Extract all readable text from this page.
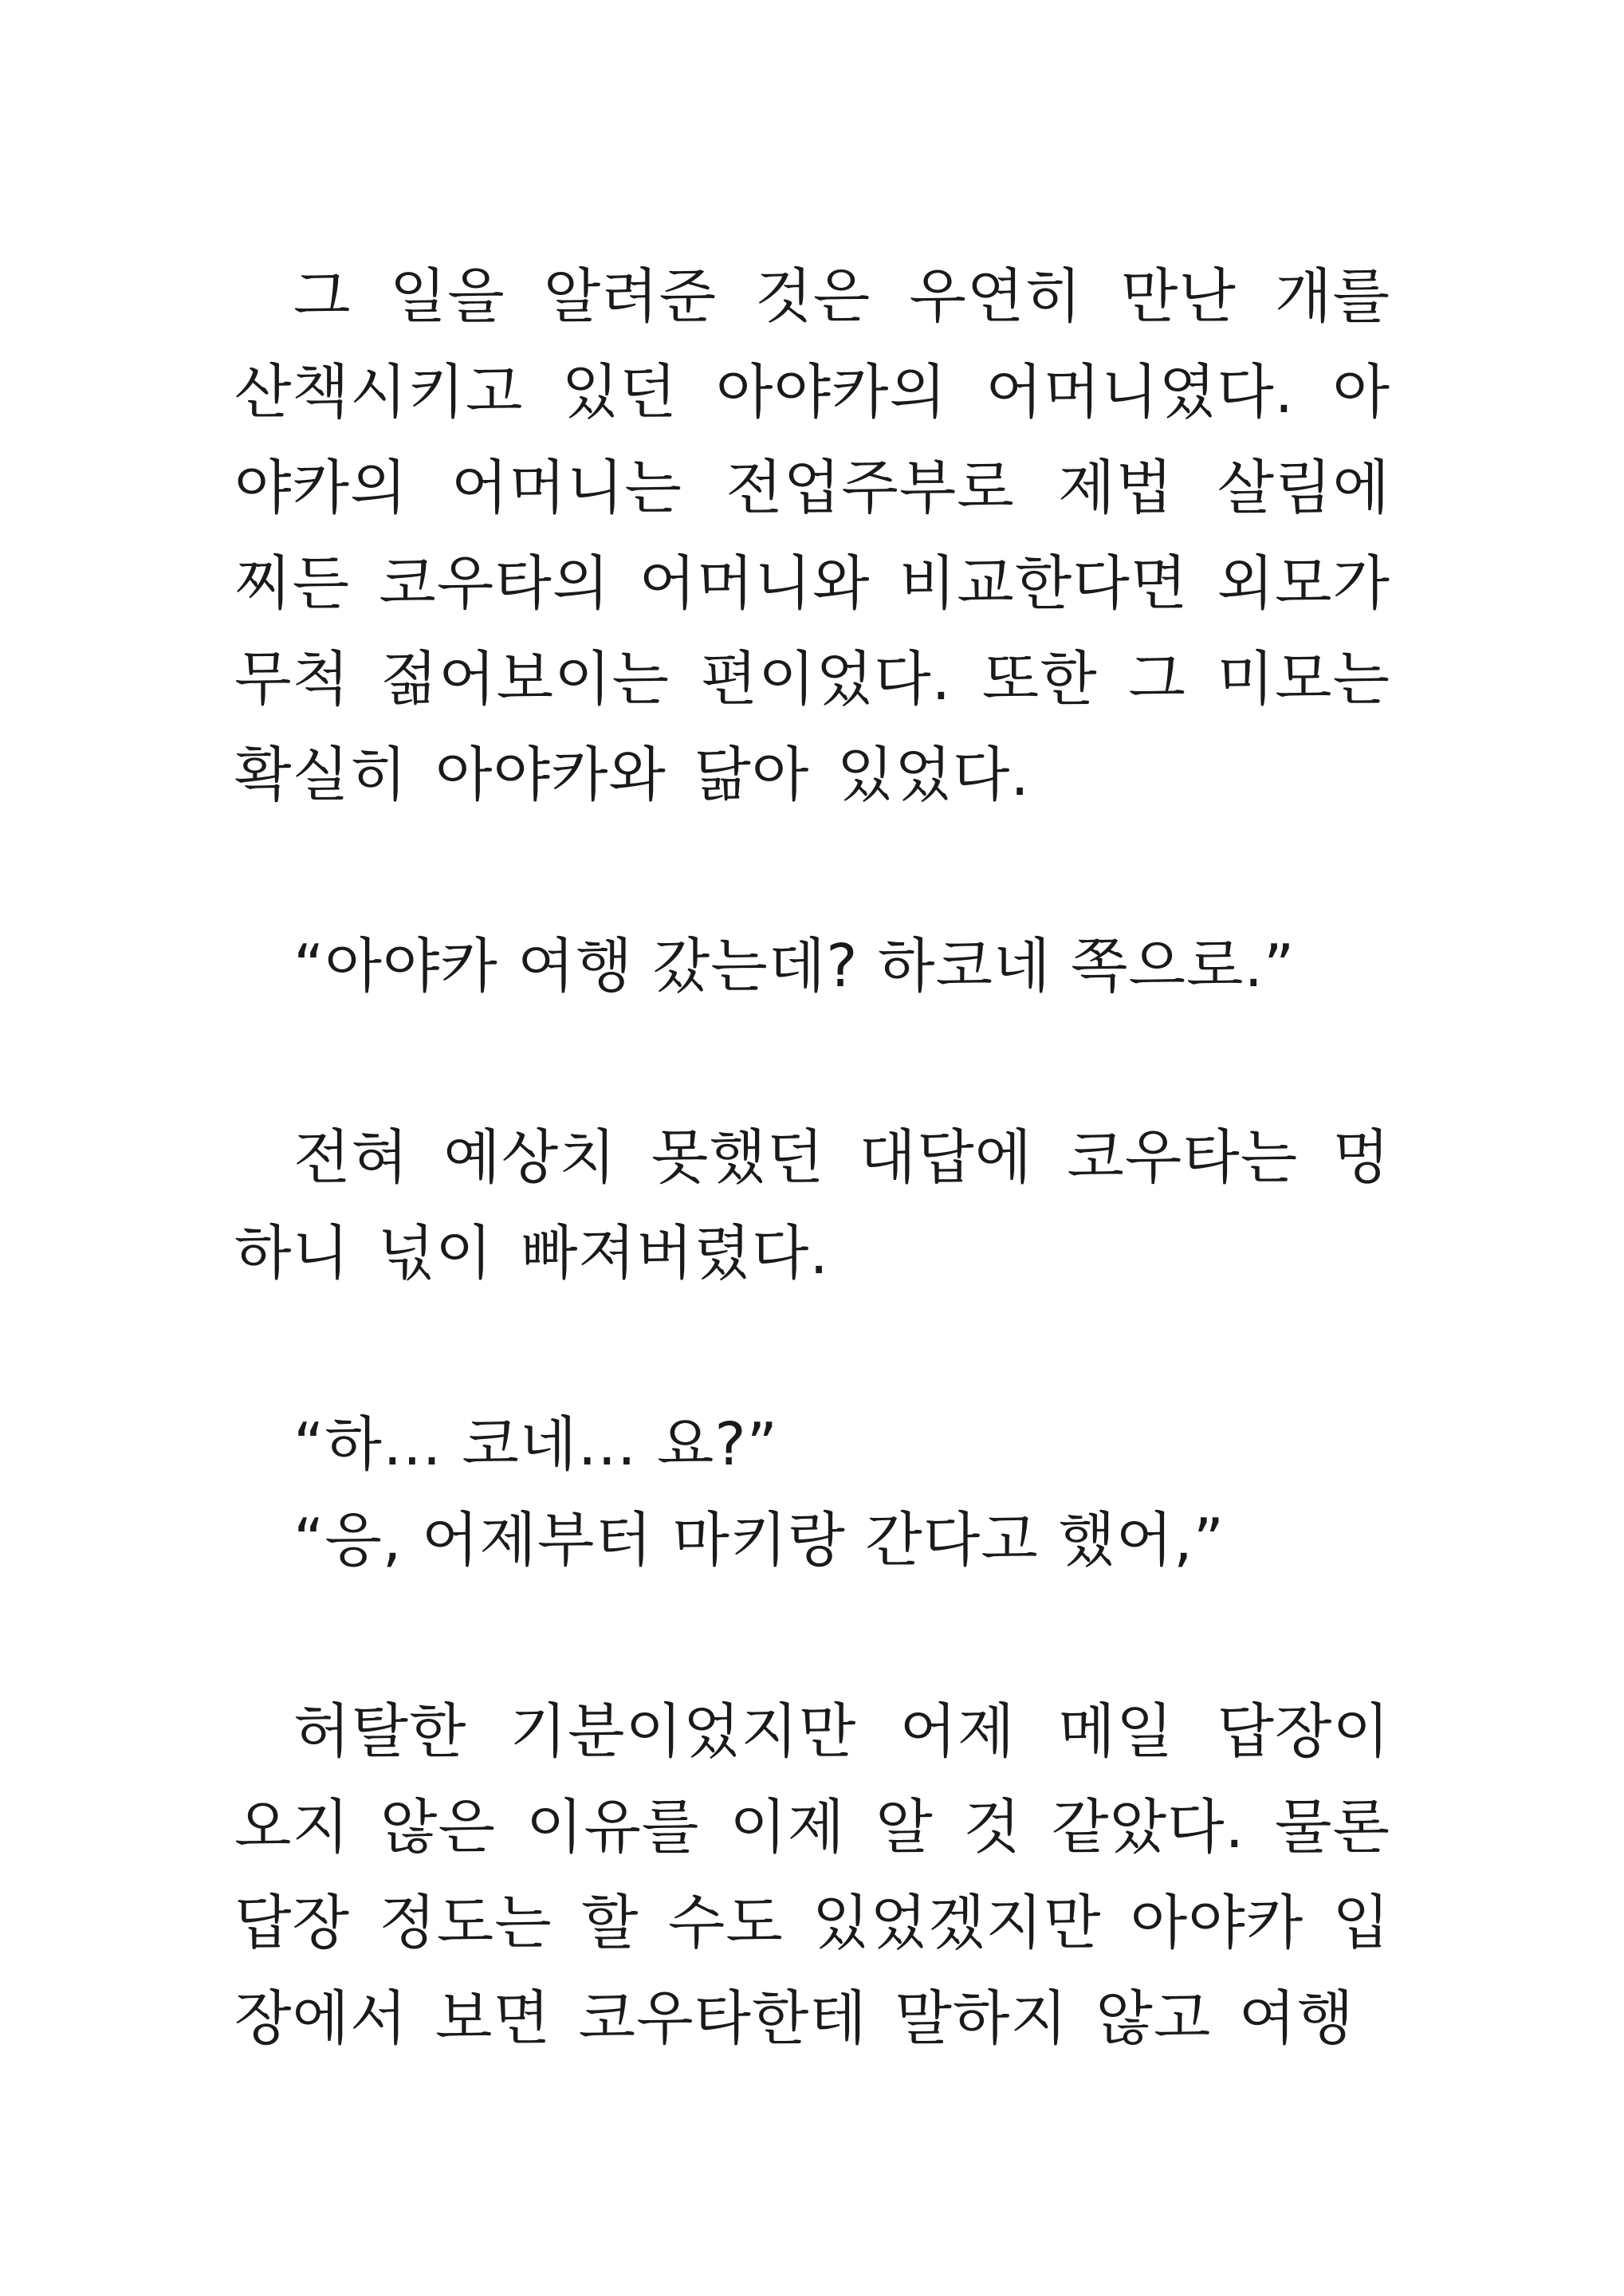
그 일을 알려준 것은 우연히 만난 개를 산책시키고 있던 아야카의 어머니였다. 아야카의 어머니는 전업주부로 제법 살림에 찌든 코우타의 어머니와 비교한다면 외모가 무척 젊어보이는 편이었다. 또한 그 미모는 확실히 아야카와 닮아 있었다.

“아야카 여행 갔는데? 하코네 쪽으로.”

전혀 예상치 못했던 대답에 코우타는 멍하니 넋이 빠져버렸다.

“하… 코네… 요?”

“응, 어제부터 마키랑 간다고 했어,”

허탈한 기분이었지만 어제 메일 답장이 오지 않은 이유를 이제 알 것 같았다. 물론 답장 정도는 할 수도 있었겠지만 아야카 입장에서 보면 코우타한테 말하지 않고 여행
